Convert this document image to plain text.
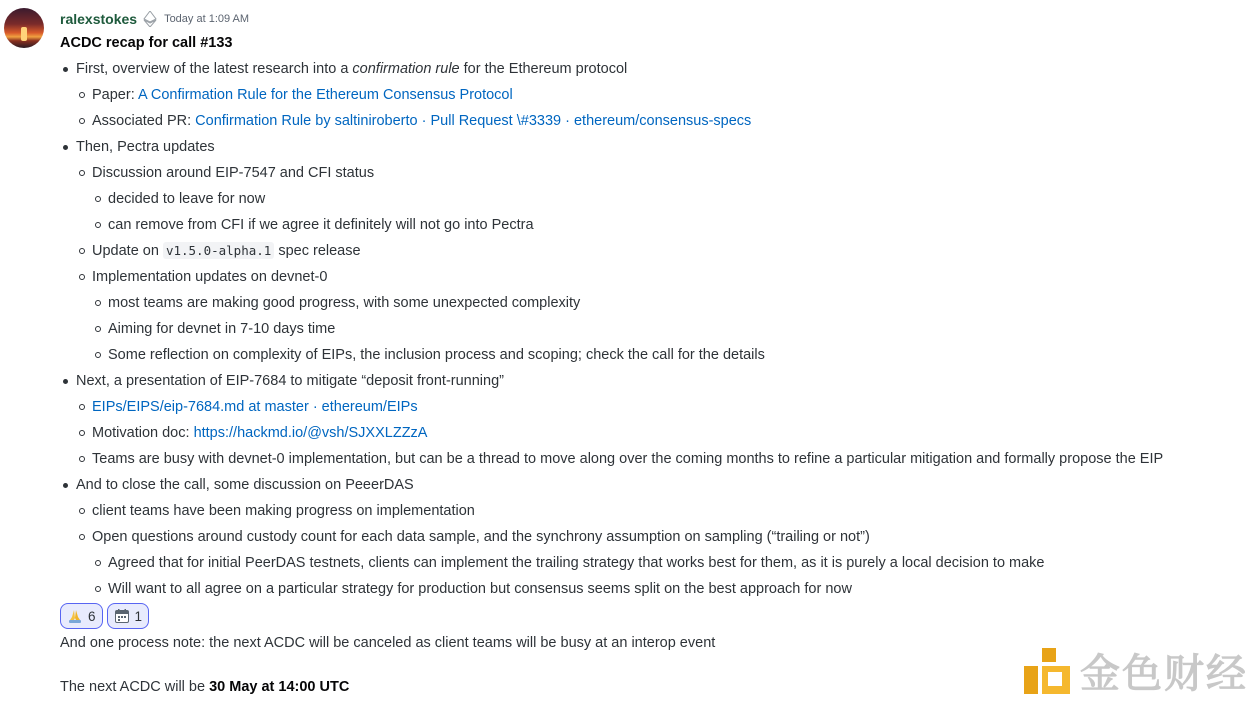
ralexstokes Today at 1:09 AM
ACDC recap for call #133
First, overview of the latest research into a confirmation rule for the Ethereum protocol
Paper: A Confirmation Rule for the Ethereum Consensus Protocol
Associated PR: Confirmation Rule by saltiniroberto · Pull Request \#3339 · ethereum/consensus-specs
Then, Pectra updates
Discussion around EIP-7547 and CFI status
decided to leave for now
can remove from CFI if we agree it definitely will not go into Pectra
Update on v1.5.0-alpha.1 spec release
Implementation updates on devnet-0
most teams are making good progress, with some unexpected complexity
Aiming for devnet in 7-10 days time
Some reflection on complexity of EIPs, the inclusion process and scoping; check the call for the details
Next, a presentation of EIP-7684 to mitigate “deposit front-running”
EIPs/EIPS/eip-7684.md at master · ethereum/EIPs
Motivation doc: https://hackmd.io/@vsh/SJXXLZZzA
Teams are busy with devnet-0 implementation, but can be a thread to move along over the coming months to refine a particular mitigation and formally propose the EIP
And to close the call, some discussion on PeeerDAS
client teams have been making progress on implementation
Open questions around custody count for each data sample, and the synchrony assumption on sampling (“trailing or not”)
Agreed that for initial PeerDAS testnets, clients can implement the trailing strategy that works best for them, as it is purely a local decision to make
Will want to all agree on a particular strategy for production but consensus seems split on the best approach for now
6	1
And one process note: the next ACDC will be canceled as client teams will be busy at an interop event
The next ACDC will be 30 May at 14:00 UTC	金色财经
